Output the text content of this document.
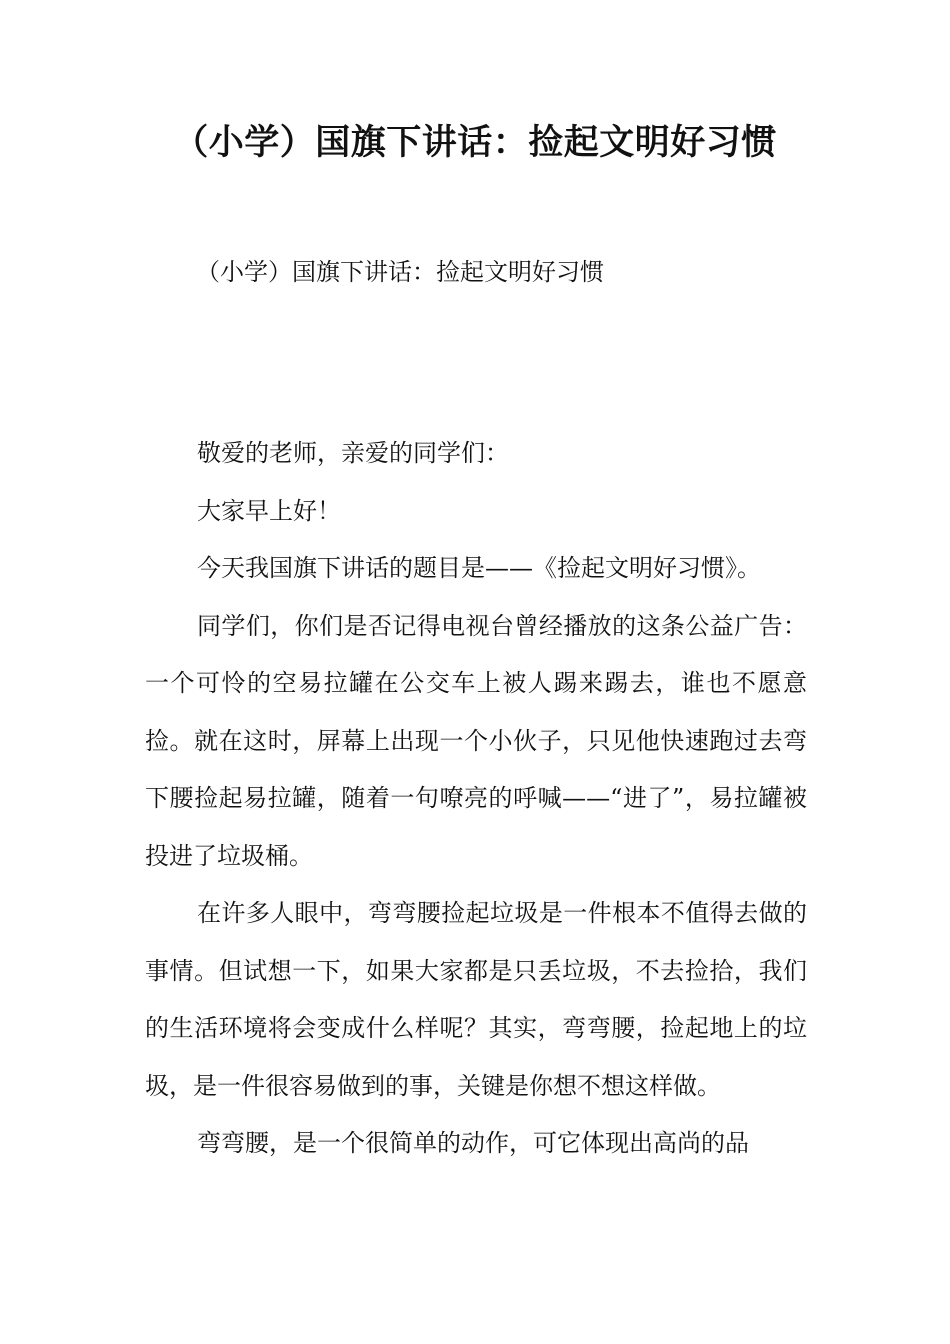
（小学）国旗下讲话：捡起文明好习惯

（小学）国旗下讲话：捡起文明好习惯

敬爱的老师，亲爱的同学们：

大家早上好！

今天我国旗下讲话的题目是——《捡起文明好习惯》。

同学们，你们是否记得电视台曾经播放的这条公益广告：一个可怜的空易拉罐在公交车上被人踢来踢去，谁也不愿意捡。就在这时，屏幕上出现一个小伙子，只见他快速跑过去弯下腰捡起易拉罐，随着一句嘹亮的呼喊——“进了”，易拉罐被投进了垃圾桶。

在许多人眼中，弯弯腰捡起垃圾是一件根本不值得去做的事情。但试想一下，如果大家都是只丢垃圾，不去捡拾，我们的生活环境将会变成什么样呢？其实，弯弯腰，捡起地上的垃圾，是一件很容易做到的事，关键是你想不想这样做。

弯弯腰，是一个很简单的动作，可它体现出高尚的品
